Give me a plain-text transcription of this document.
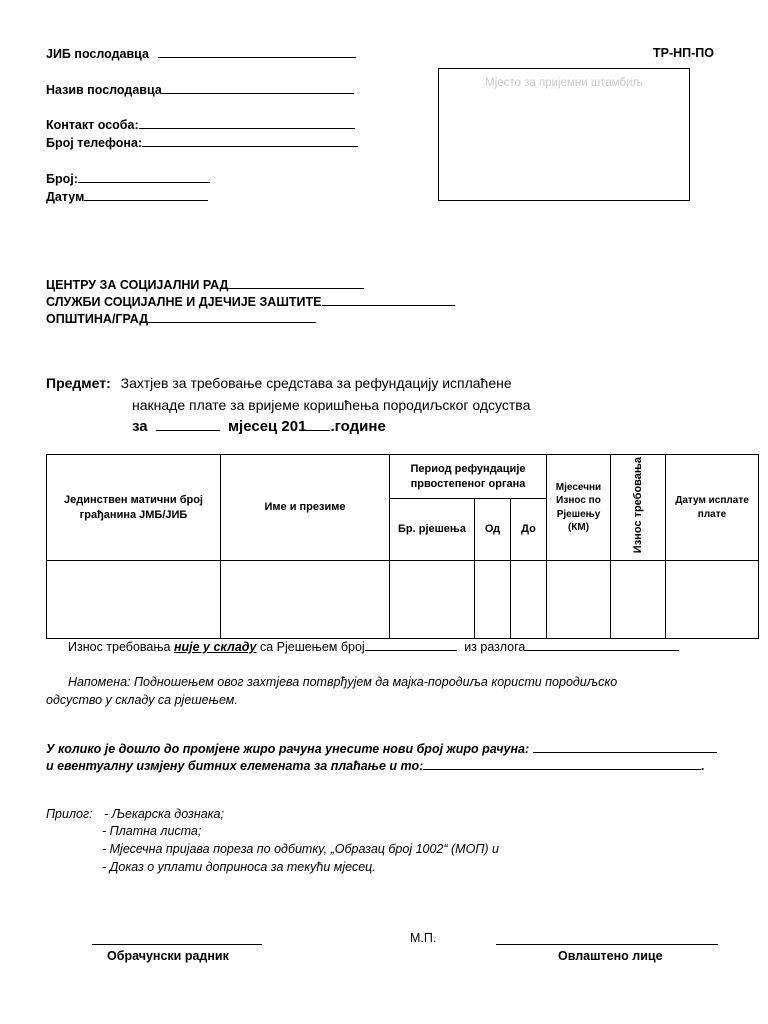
ЈИБ послодавца	ТР-НП-ПО
Назив послодавца	Мјесто за пријемни штамбиљ
Контакт особа:
Број телефона:
Број:
Датум
ЦЕНТРУ ЗА СОЦИЈАЛНИ РАД
СЛУЖБИ СОЦИЈАЛНЕ И ДЈЕЧИЈЕ ЗАШТИТЕ
ОПШТИНА/ГРАД
Предмет: Захтјев за требовање средстава за рефундацију исплаћене
накнаде плате за вријеме коришћења породиљског одсуства
за	мјесец 201 .године
Јединствен матични број грађанина ЈМБ/ЈИБ	Име и презиме	Период рефундације првостепеног органа			Мјесечни Износ по Рјешењу (КМ)	Износ требовања	Датум исплате плате
		Бр. рјешења	Од	До			

Износ требовања није у складу са Рјешењем број	из разлога
Напомена: Подношењем овог захтјева потврђујем да мајка-породиља користи породиљско
одсуство у складу са рјешењем.
У колико је дошло до промјене жиро рачуна унесите нови број жиро рачуна:
и евентуалну измјену битних елемената за плаћање и то:	.
Прилог: - Љекарска дознака;
- Платна листа;
- Мјесечна пријава пореза по одбитку, „Образац број 1002“ (МОП) и
- Доказ о уплати доприноса за текући мјесец.
М.П.
Обрачунски радник	Овлаштено лице
